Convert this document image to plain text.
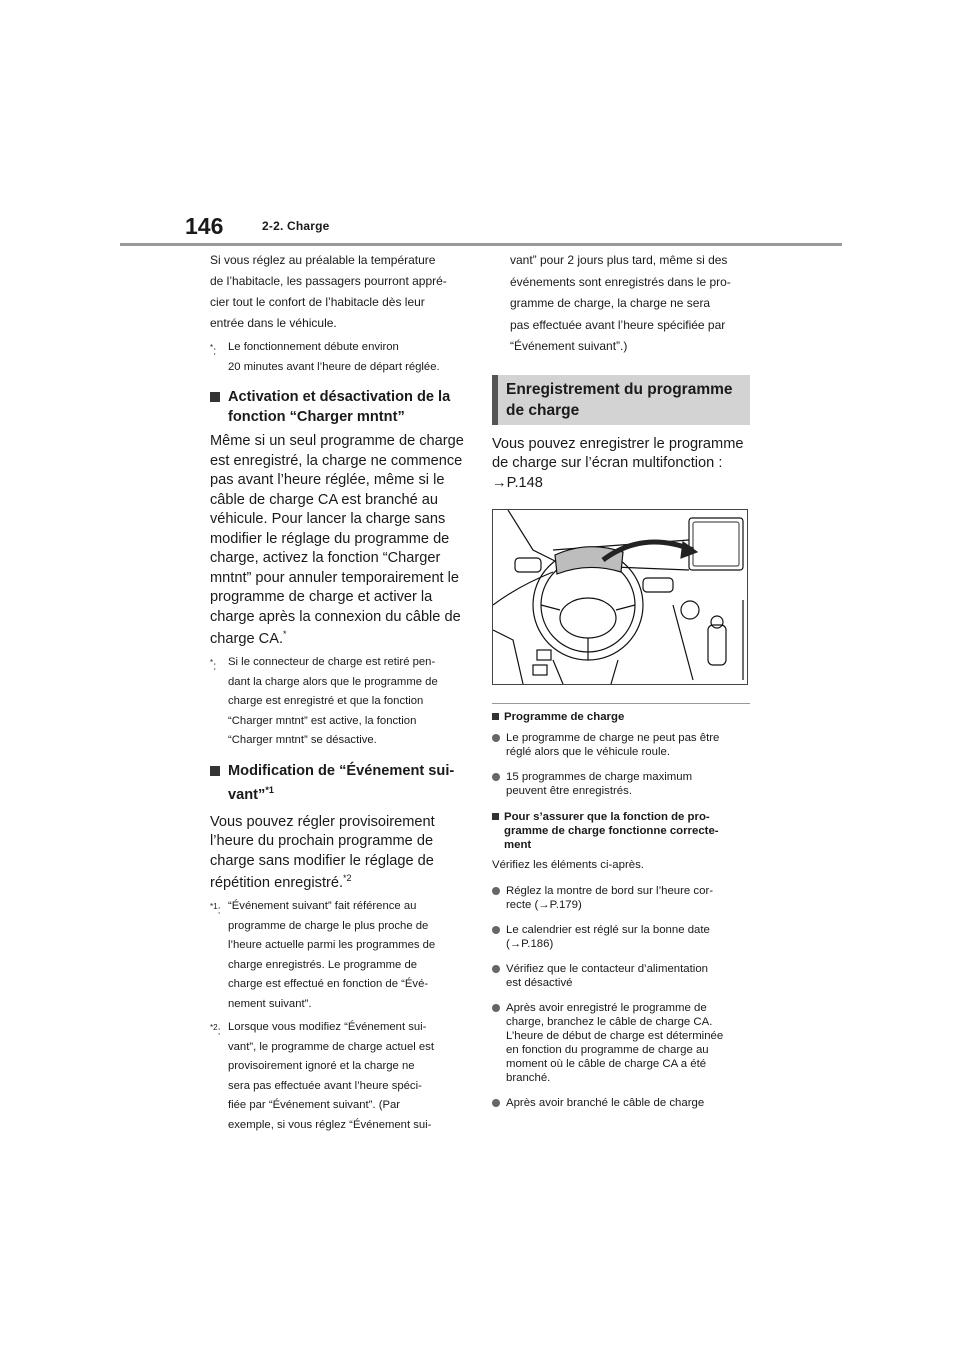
146	2-2. Charge

Si vous réglez au préalable la température

de l’habitacle, les passagers pourront appré-

cier tout le confort de l’habitacle dès leur

entrée dans le véhicule.

*:	Le fonctionnement débute environ
20 minutes avant l’heure de départ réglée.
Activation et désactivation de la
fonction “Charger mntnt”

Même si un seul programme de charge

est enregistré, la charge ne commence

pas avant l’heure réglée, même si le

câble de charge CA est branché au

véhicule. Pour lancer la charge sans

modifier le réglage du programme de

charge, activez la fonction “Charger

mntnt” pour annuler temporairement le

programme de charge et activer la

charge après la connexion du câble de

charge CA.*

*:	Si le connecteur de charge est retiré pen-
dant la charge alors que le programme de
charge est enregistré et que la fonction
“Charger mntnt” est active, la fonction
“Charger mntnt” se désactive.
Modification de “Événement sui-
vant”$^{*1}$

Vous pouvez régler provisoirement

l’heure du prochain programme de

charge sans modifier le réglage de

répétition enregistré.$^{*2}$

$^{*1}$: “Événement suivant” fait référence au
programme de charge le plus proche de
l’heure actuelle parmi les programmes de
charge enregistrés. Le programme de
charge est effectué en fonction de “Évé-
nement suivant”.
$^{*2}$: Lorsque vous modifiez “Événement sui-
vant”, le programme de charge actuel est
provisoirement ignoré et la charge ne
sera pas effectuée avant l’heure spéci-
fiée par “Événement suivant”. (Par
exemple, si vous réglez “Événement sui-

vant” pour 2 jours plus tard, même si des

événements sont enregistrés dans le pro-

gramme de charge, la charge ne sera

pas effectuée avant l’heure spécifiée par

“Événement suivant”.)

Enregistrement du programme
de charge

Vous pouvez enregistrer le programme

de charge sur l’écran multifonction :

→P.148

Programme de charge
Le programme de charge ne peut pas être
réglé alors que le véhicule roule.
15 programmes de charge maximum
peuvent être enregistrés.
Pour s’assurer que la fonction de pro-
gramme de charge fonctionne correcte-
ment

Vérifiez les éléments ci-après.

Réglez la montre de bord sur l’heure cor-
recte (→P.179)
Le calendrier est réglé sur la bonne date
(→P.186)
Vérifiez que le contacteur d’alimentation
est désactivé
Après avoir enregistré le programme de
charge, branchez le câble de charge CA.
L’heure de début de charge est déterminée
en fonction du programme de charge au
moment où le câble de charge CA a été
branché.
Après avoir branché le câble de charge
